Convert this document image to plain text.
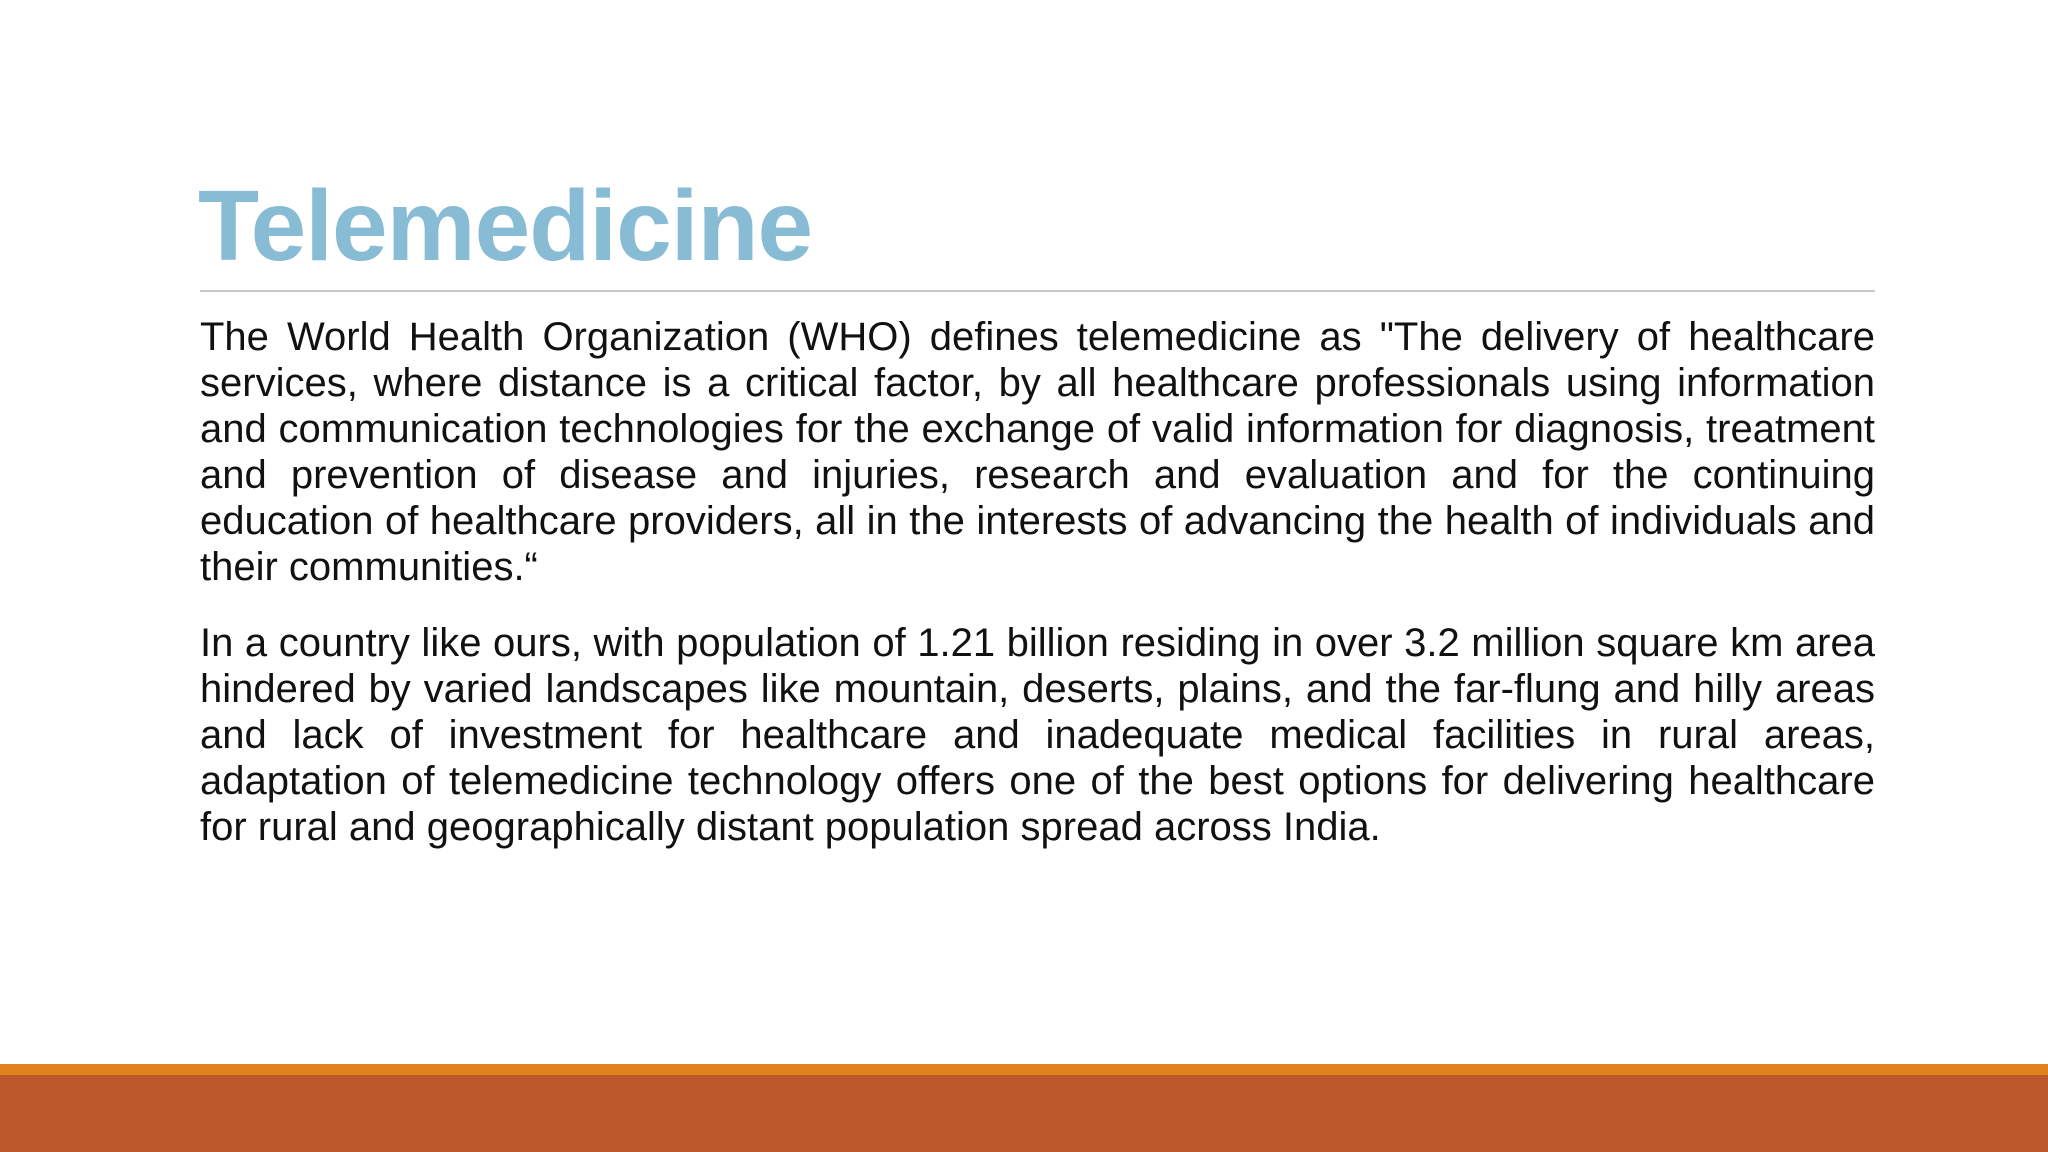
Telemedicine

The World Health Organization (WHO) defines telemedicine as "The delivery of healthcare services, where distance is a critical factor, by all healthcare professionals using information and communication technologies for the exchange of valid information for diagnosis, treatment and prevention of disease and injuries, research and evaluation and for the continuing education of healthcare providers, all in the interests of advancing the health of individuals and their communities.“

In a country like ours, with population of 1.21 billion residing in over 3.2 million square km area hindered by varied landscapes like mountain, deserts, plains, and the far-flung and hilly areas and lack of investment for healthcare and inadequate medical facilities in rural areas, adaptation of telemedicine technology offers one of the best options for delivering healthcare for rural and geographically distant population spread across India.
